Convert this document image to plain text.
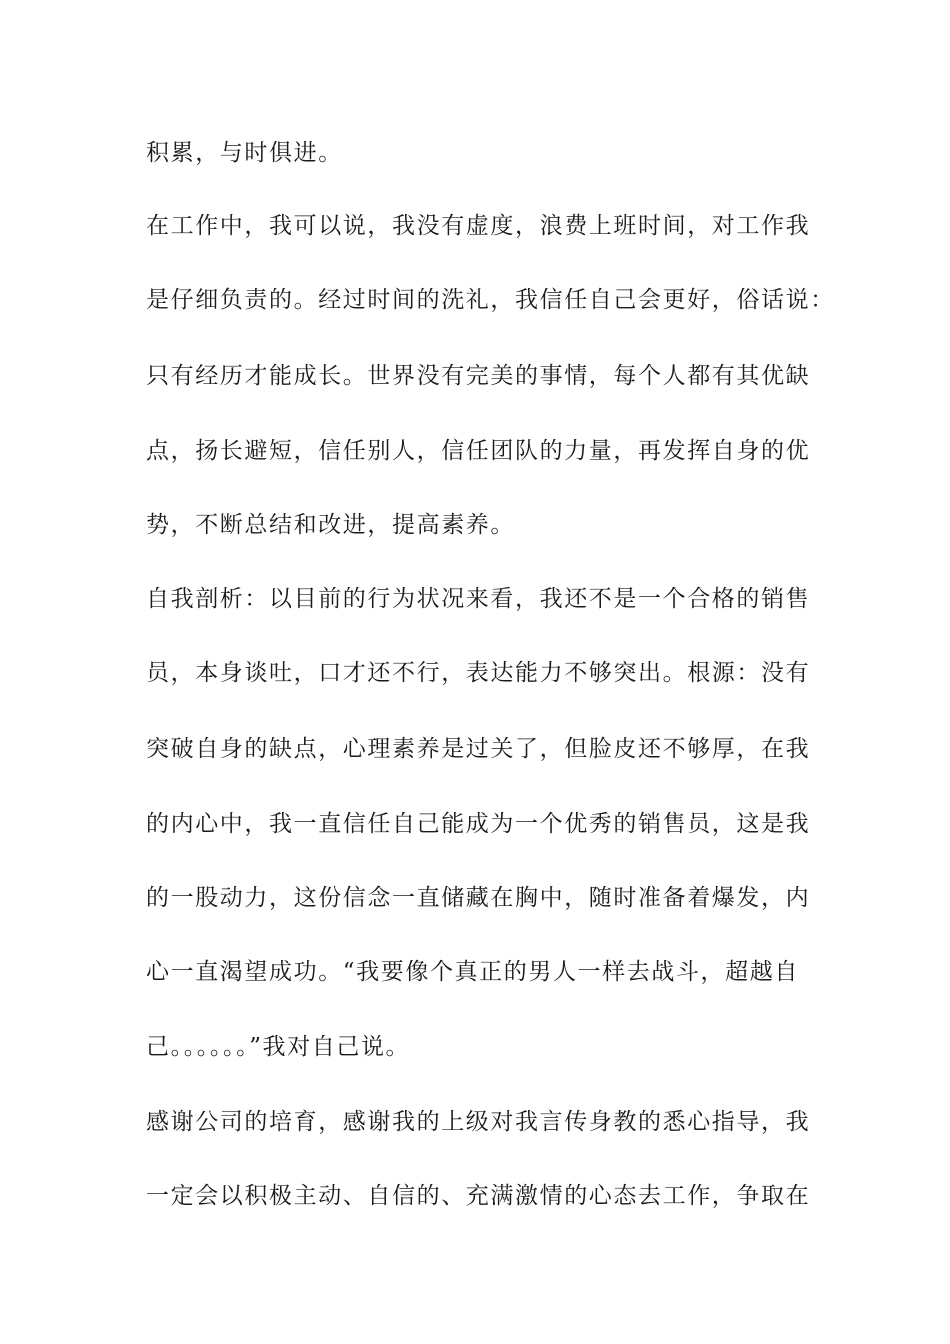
积累，与时俱进。
在工作中，我可以说，我没有虚度，浪费上班时间，对工作我
是仔细负责的。经过时间的洗礼，我信任自己会更好，俗话说：
只有经历才能成长。世界没有完美的事情，每个人都有其优缺
点，扬长避短，信任别人，信任团队的力量，再发挥自身的优
势，不断总结和改进，提高素养。
自我剖析：以目前的行为状况来看，我还不是一个合格的销售
员，本身谈吐，口才还不行，表达能力不够突出。根源：没有
突破自身的缺点，心理素养是过关了，但脸皮还不够厚，在我
的内心中，我一直信任自己能成为一个优秀的销售员，这是我
的一股动力，这份信念一直储藏在胸中，随时准备着爆发，内
心一直渴望成功。“我要像个真正的男人一样去战斗，超越自
己。。。。。。”我对自己说。
感谢公司的培育，感谢我的上级对我言传身教的悉心指导，我
一定会以积极主动、自信的、充满激情的心态去工作，争取在
